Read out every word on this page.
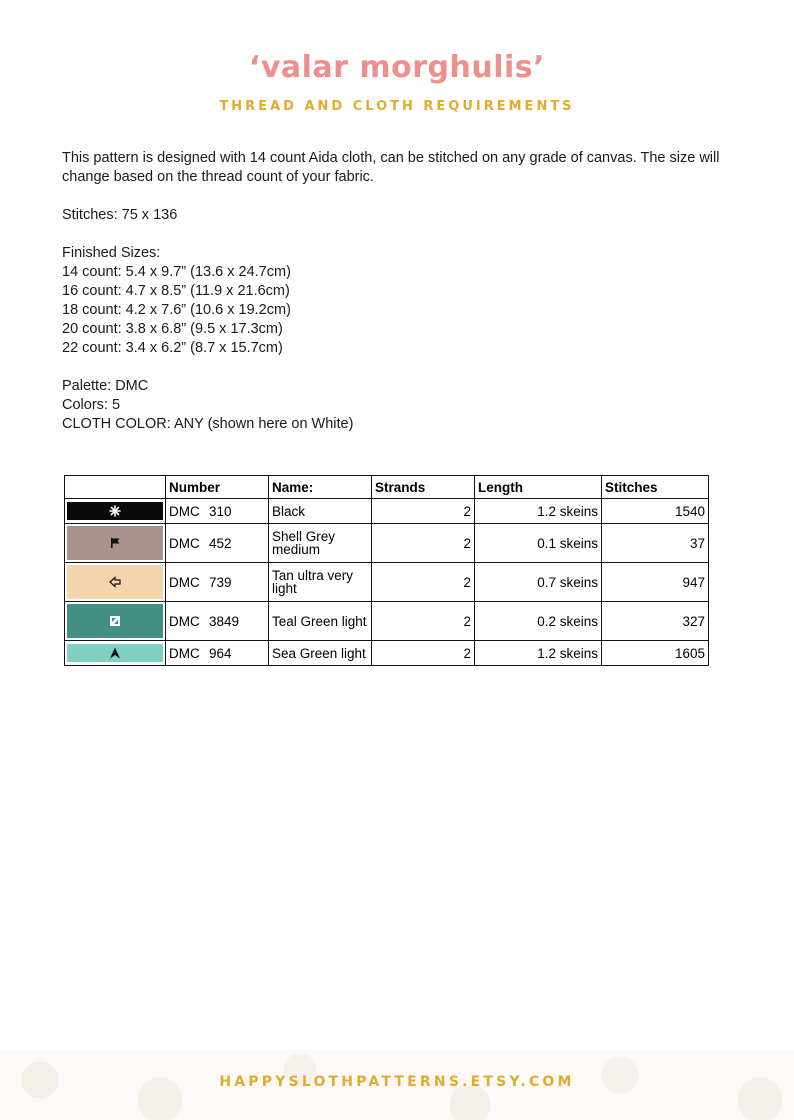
‘valar morghulis’
THREAD AND CLOTH REQUIREMENTS

This pattern is designed with 14 count Aida cloth, can be stitched on any grade of canvas. The size will change based on the thread count of your fabric.

Stitches: 75 x 136

Finished Sizes:

14 count: 5.4 x 9.7” (13.6 x 24.7cm)

16 count: 4.7 x 8.5” (11.9 x 21.6cm)

18 count: 4.2 x 7.6” (10.6 x 19.2cm)

20 count: 3.8 x 6.8” (9.5 x 17.3cm)

22 count: 3.4 x 6.2” (8.7 x 15.7cm)

Palette: DMC

Colors: 5

CLOTH COLOR: ANY (shown here on White)

	Number	Name:	Strands	Length	Stitches

	DMC 310	Black	2	1.2 skeins	1540

	DMC 452	Shell Grey medium	2	0.1 skeins	37

	DMC 739	Tan ultra very light	2	0.7 skeins	947

	DMC 3849	Teal Green light	2	0.2 skeins	327

	DMC 964	Sea Green light	2	1.2 skeins	1605
HAPPYSLOTHPATTERNS.ETSY.COM
